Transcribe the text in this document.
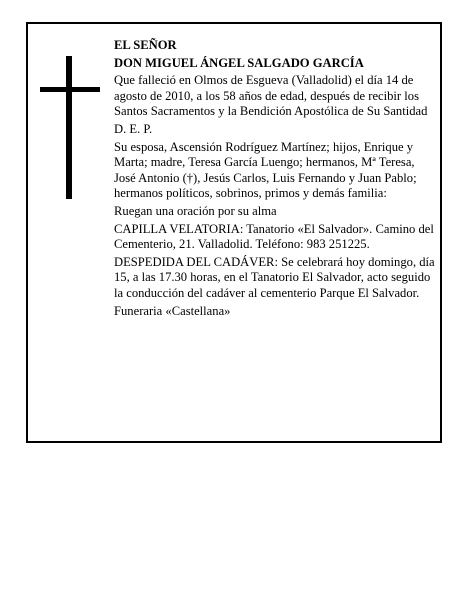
EL SEÑOR

DON MIGUEL ÁNGEL SALGADO GARCÍA

Que falleció en Olmos de Esgueva (Valladolid) el día 14 de agosto de 2010, a los 58 años de edad, después de recibir los Santos Sacramentos y la Bendición Apostólica de Su Santidad

D. E. P.

Su esposa, Ascensión Rodríguez Martínez; hijos, Enrique y Marta; madre, Teresa García Luengo; hermanos, Mª Teresa, José Antonio (†), Jesús Carlos, Luis Fernando y Juan Pablo; hermanos políticos, sobrinos, primos y demás familia:

Ruegan una oración por su alma

CAPILLA VELATORIA: Tanatorio «El Salvador». Camino del Cementerio, 21. Valladolid. Teléfono: 983 251225.

DESPEDIDA DEL CADÁVER: Se celebrará hoy domingo, día 15, a las 17.30 horas, en el Tanatorio El Salvador, acto seguido la conducción del cadáver al cementerio Parque El Salvador.

Funeraria «Castellana»
